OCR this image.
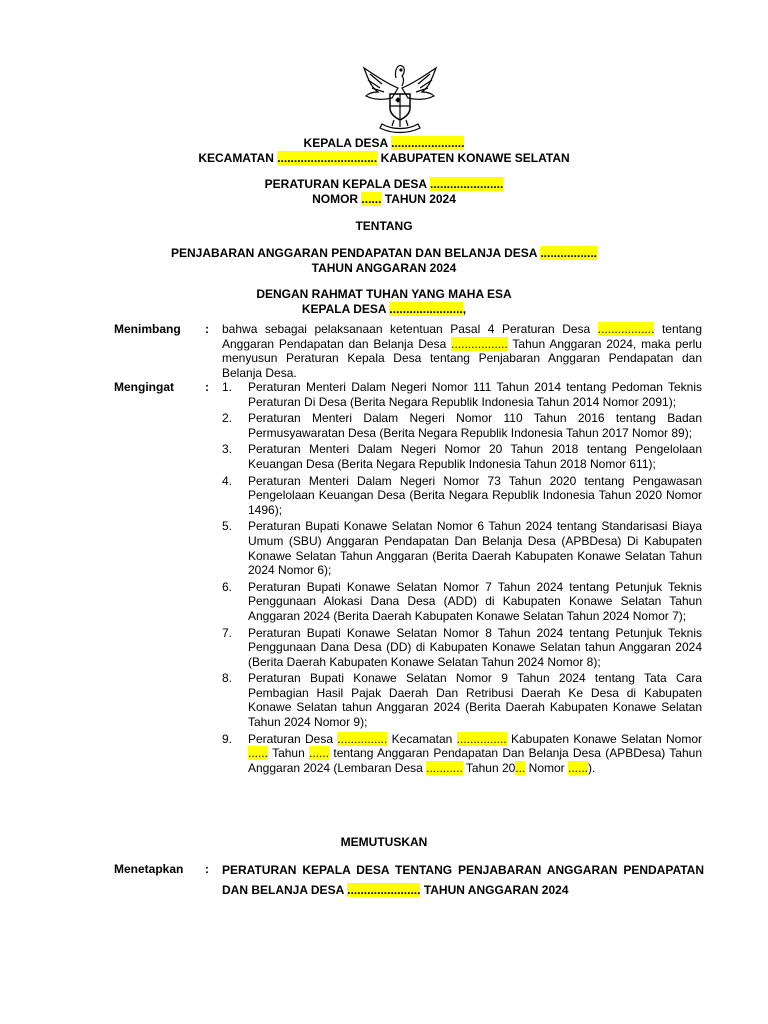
KEPALA DESA ......................
KECAMATAN .............................. KABUPATEN KONAWE SELATAN
PERATURAN KEPALA DESA ......................
NOMOR ...... TAHUN 2024
TENTANG
PENJABARAN ANGGARAN PENDAPATAN DAN BELANJA DESA .................
TAHUN ANGGARAN 2024
DENGAN RAHMAT TUHAN YANG MAHA ESA
KEPALA DESA ......................,
Menimbang : bahwa sebagai pelaksanaan ketentuan Pasal 4 Peraturan Desa ................. tentang Anggaran Pendapatan dan Belanja Desa ................. Tahun Anggaran 2024, maka perlu menyusun Peraturan Kepala Desa tentang Penjabaran Anggaran Pendapatan dan Belanja Desa.
Mengingat	: 1. Peraturan Menteri Dalam Negeri Nomor 111 Tahun 2014 tentang Pedoman Teknis Peraturan Di Desa (Berita Negara Republik Indonesia Tahun 2014 Nomor 2091);
2. Peraturan Menteri Dalam Negeri Nomor 110 Tahun 2016 tentang Badan Permusyawaratan Desa (Berita Negara Republik Indonesia Tahun 2017 Nomor 89);
3. Peraturan Menteri Dalam Negeri Nomor 20 Tahun 2018 tentang Pengelolaan Keuangan Desa (Berita Negara Republik Indonesia Tahun 2018 Nomor 611);
4. Peraturan Menteri Dalam Negeri Nomor 73 Tahun 2020 tentang Pengawasan Pengelolaan Keuangan Desa (Berita Negara Republik Indonesia Tahun 2020 Nomor 1496);
5. Peraturan Bupati Konawe Selatan Nomor 6 Tahun 2024 tentang Standarisasi Biaya Umum (SBU) Anggaran Pendapatan Dan Belanja Desa (APBDesa) Di Kabupaten Konawe Selatan Tahun Anggaran (Berita Daerah Kabupaten Konawe Selatan Tahun 2024 Nomor 6);
6. Peraturan Bupati Konawe Selatan Nomor 7 Tahun 2024 tentang Petunjuk Teknis Penggunaan Alokasi Dana Desa (ADD) di Kabupaten Konawe Selatan Tahun Anggaran 2024 (Berita Daerah Kabupaten Konawe Selatan Tahun 2024 Nomor 7);
7. Peraturan Bupati Konawe Selatan Nomor 8 Tahun 2024 tentang Petunjuk Teknis Penggunaan Dana Desa (DD) di Kabupaten Konawe Selatan tahun Anggaran 2024 (Berita Daerah Kabupaten Konawe Selatan Tahun 2024 Nomor 8);
8. Peraturan Bupati Konawe Selatan Nomor 9 Tahun 2024 tentang Tata Cara Pembagian Hasil Pajak Daerah Dan Retribusi Daerah Ke Desa di Kabupaten Konawe Selatan tahun Anggaran 2024 (Berita Daerah Kabupaten Konawe Selatan Tahun 2024 Nomor 9);
9. Peraturan Desa ............... Kecamatan ............... Kabupaten Konawe Selatan Nomor ...... Tahun ...... tentang Anggaran Pendapatan Dan Belanja Desa (APBDesa) Tahun Anggaran 2024 (Lembaran Desa ........... Tahun 20... Nomor ......).
MEMUTUSKAN
Menetapkan : PERATURAN KEPALA DESA TENTANG PENJABARAN ANGGARAN PENDAPATAN DAN BELANJA DESA ...................... TAHUN ANGGARAN 2024
